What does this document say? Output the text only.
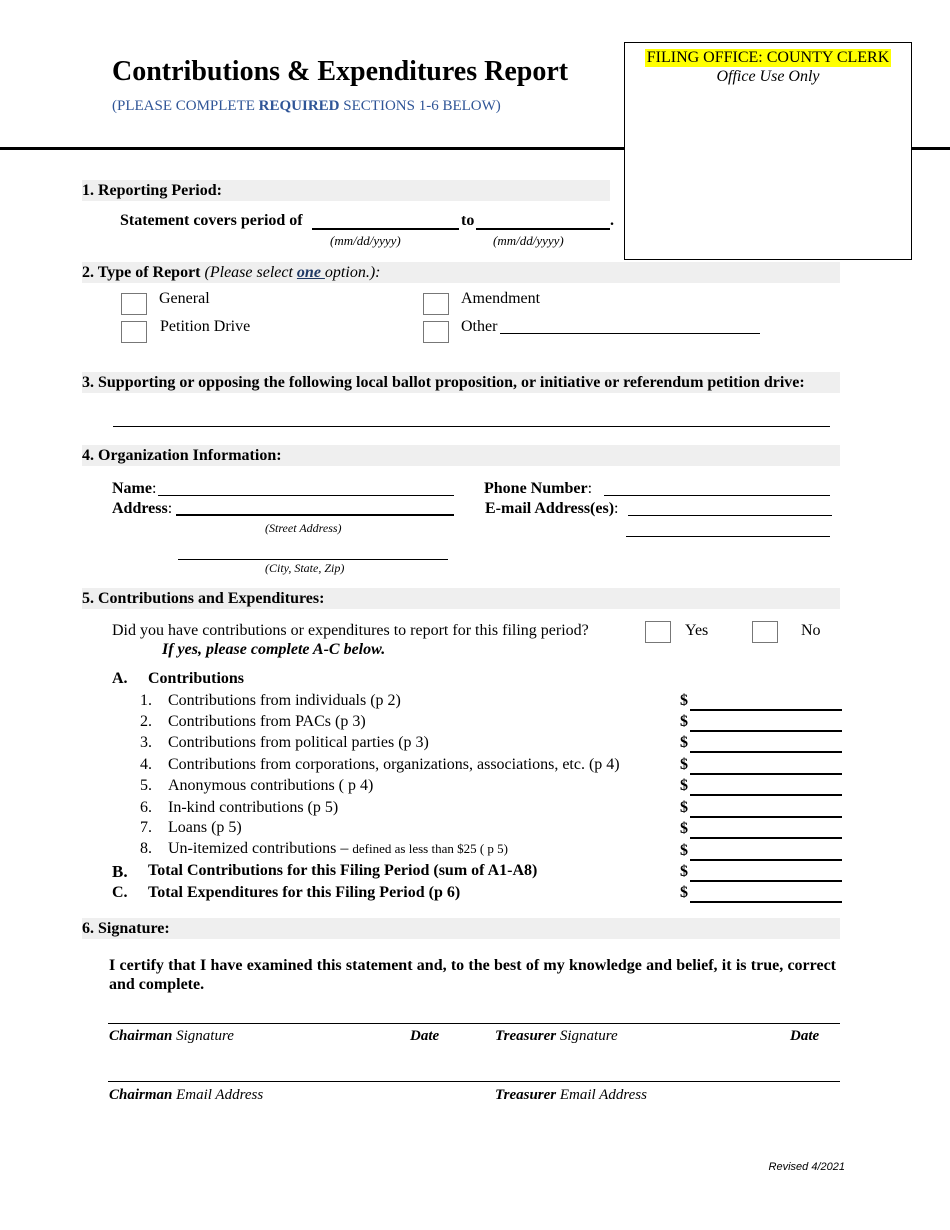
Contributions & Expenditures Report
(PLEASE COMPLETE REQUIRED SECTIONS 1-6 BELOW)
FILING OFFICE: COUNTY CLERK
Office Use Only
1. Reporting Period:
Statement covers period of	to	.
(mm/dd/yyyy)	(mm/dd/yyyy)
2. Type of Report (Please select one option.):
General
Petition Drive
Amendment
Other
3. Supporting or opposing the following local ballot proposition, or initiative or referendum petition drive:
4. Organization Information:
Name:
Address:
(Street Address)
(City, State, Zip)
Phone Number:
E-mail Address(es):
5. Contributions and Expenditures:
Did you have contributions or expenditures to report for this filing period?	Yes	No
If yes, please complete A-C below.
A. Contributions
1. Contributions from individuals (p 2)	$
2. Contributions from PACs (p 3)	$
3. Contributions from political parties (p 3)	$
4. Contributions from corporations, organizations, associations, etc. (p 4)	$
5. Anonymous contributions ( p 4)	$
6. In-kind contributions (p 5)	$
7. Loans (p 5)	$
8. Un-itemized contributions – defined as less than $25 ( p 5)	$
B. Total Contributions for this Filing Period (sum of A1-A8)	$
C. Total Expenditures for this Filing Period (p 6)	$
6. Signature:
I certify that I have examined this statement and, to the best of my knowledge and belief, it is true, correct and complete.
Chairman Signature	Date	Treasurer Signature	Date
Chairman Email Address	Treasurer Email Address
Revised 4/2021
